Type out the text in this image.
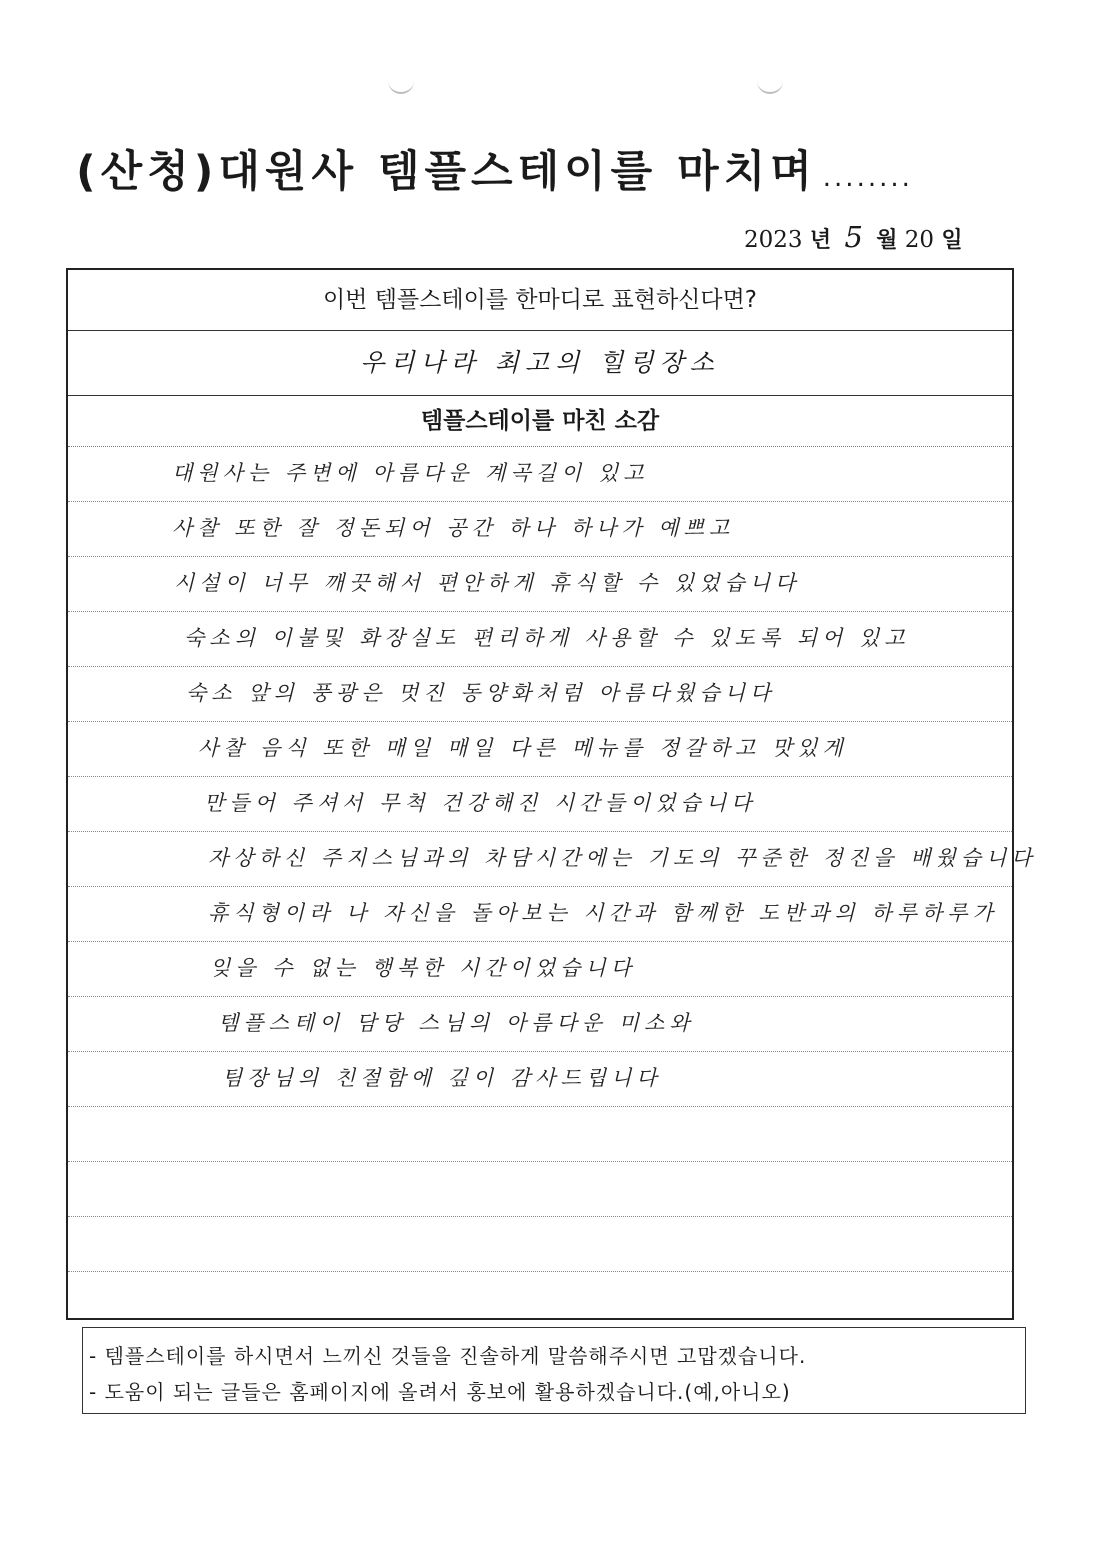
(산청)대원사 템플스테이를 마치며 ........
2023 년 5 월 20 일
이번 템플스테이를 한마디로 표현하신다면?
우리나라 최고의 힐링장소
템플스테이를 마친 소감
대원사는 주변에 아름다운 계곡길이 있고
사찰 또한 잘 정돈되어 공간 하나 하나가 예쁘고
시설이 너무 깨끗해서 편안하게 휴식할 수 있었습니다
숙소의 이불및 화장실도 편리하게 사용할 수 있도록 되어 있고
숙소 앞의 풍광은 멋진 동양화처럼 아름다웠습니다
사찰 음식 또한 매일 매일 다른 메뉴를 정갈하고 맛있게
만들어 주셔서 무척 건강해진 시간들이었습니다
자상하신 주지스님과의 차담시간에는 기도의 꾸준한 정진을 배웠습니다
휴식형이라 나 자신을 돌아보는 시간과 함께한 도반과의 하루하루가
잊을 수 없는 행복한 시간이었습니다
템플스테이 담당 스님의 아름다운 미소와
팀장님의 친절함에 깊이 감사드립니다
- 템플스테이를 하시면서 느끼신 것들을 진솔하게 말씀해주시면 고맙겠습니다.
- 도움이 되는 글들은 홈페이지에 올려서 홍보에 활용하겠습니다.(예,아니오)
